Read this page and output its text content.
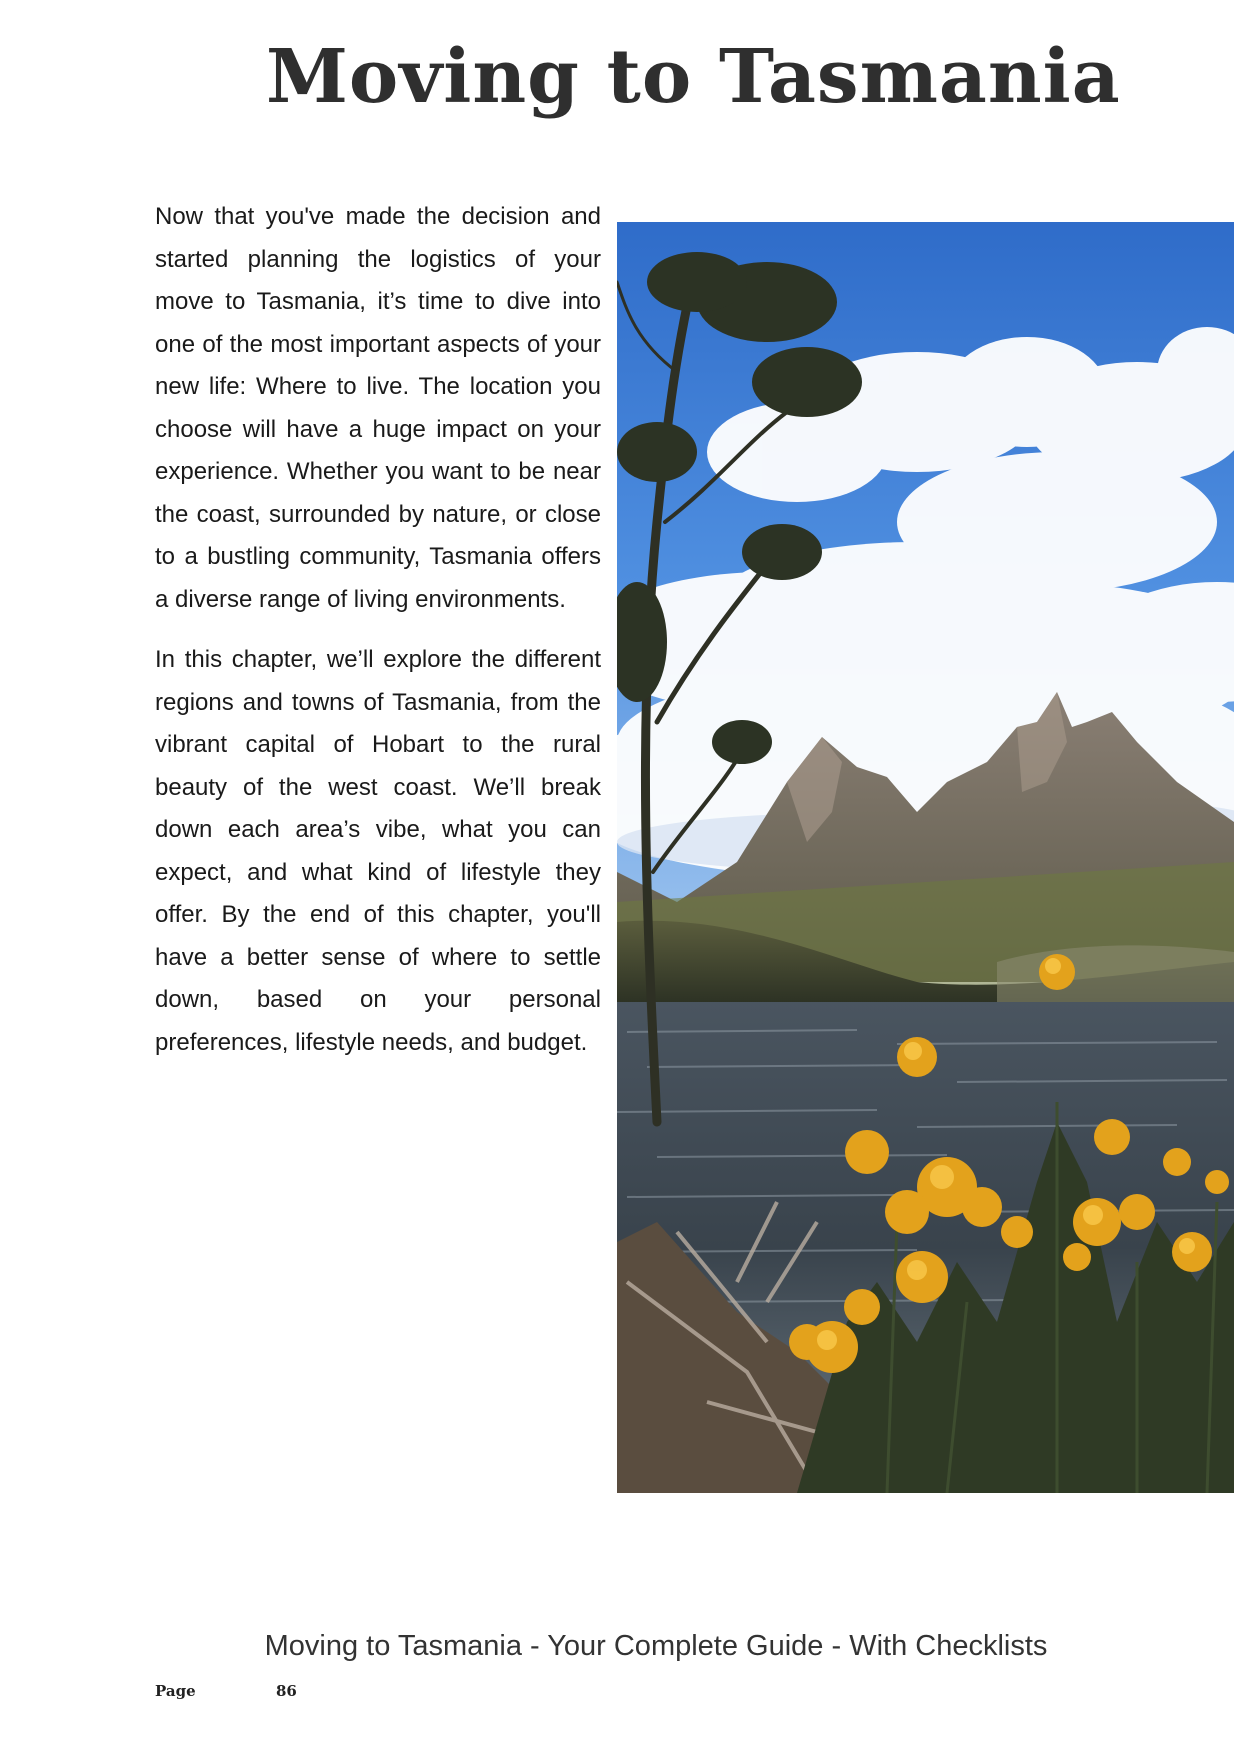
Moving to Tasmania

Now that you've made the decision and started planning the logistics of your move to Tasmania, it’s time to dive into one of the most important aspects of your new life: Where to live. The location you choose will have a huge impact on your experience. Whether you want to be near the coast, surrounded by nature, or close to a bustling community, Tasmania offers a diverse range of living environments.

In this chapter, we’ll explore the different regions and towns of Tasmania, from the vibrant capital of Hobart to the rural beauty of the west coast. We’ll break down each area’s vibe, what you can expect, and what kind of lifestyle they offer. By the end of this chapter, you'll have a better sense of where to settle down, based on your personal preferences, lifestyle needs, and budget.

Moving to Tasmania - Your Complete Guide - With Checklists
Page	86
